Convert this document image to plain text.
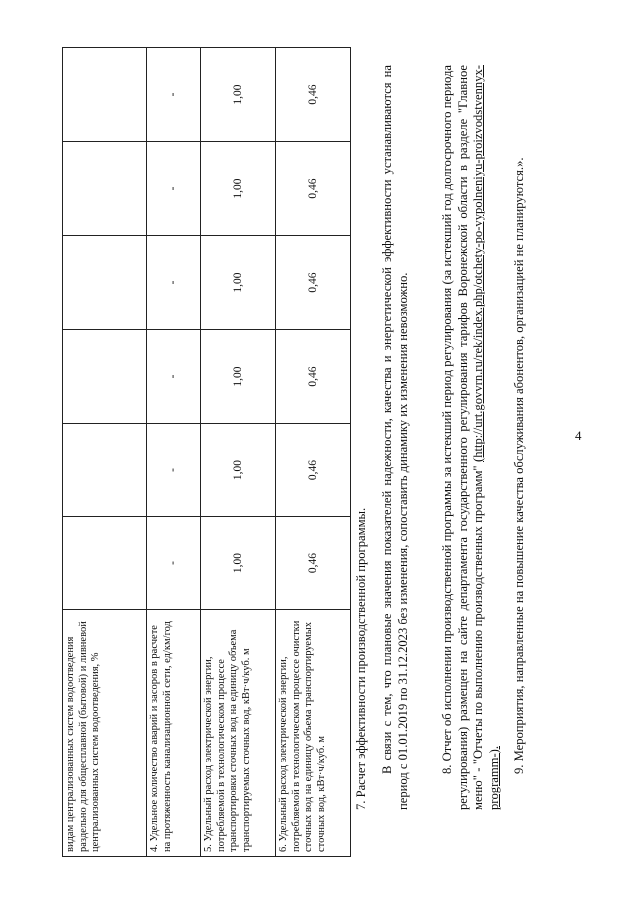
4
видам централизованных систем водоотведения раздельно для общесплавной (бытовой) и ливневой централизованных систем водоотведения, %						
4. Удельное количество аварий и засоров в расчете на протяженность канализационной сети, ед/км/год	-	-	-	-	-	-
5. Удельный расход электрической энергии, потребляемой в технологическом процессе транспортировки сточных вод на единицу объема транспортируемых сточных вод, кВт·ч/куб. м	1,00	1,00	1,00	1,00	1,00	1,00
6. Удельный расход электрической энергии, потребляемой в технологическом процессе очистки сточных вод на единицу объема транспортируемых сточных вод, кВт·ч/куб. м	0,46	0,46	0,46	0,46	0,46	0,46
7. Расчет эффективности производственной программы. В связи с тем, что плановые значения показателей надежности, качества и энергетической эффективности устанавливаются на период с 01.01.2019 по 31.12.2023 без изменения, сопоставить динамику их изменения невозможно. 8. Отчет об исполнении производственной программы за истекший период регулирования (за истекший год долгосрочного периода регулирования) размещен на сайте департамента государственного регулирования тарифов Воронежской области в разделе "Главное меню" - "Отчеты по выполнению производственных программ" (http://urt.govvrn.ru/rek/index.php/otchety-po-vypolneniyu-proizvodstvennyx-programm-).
9. Мероприятия, направленные на повышение качества обслуживания абонентов, организацией не планируются.».
